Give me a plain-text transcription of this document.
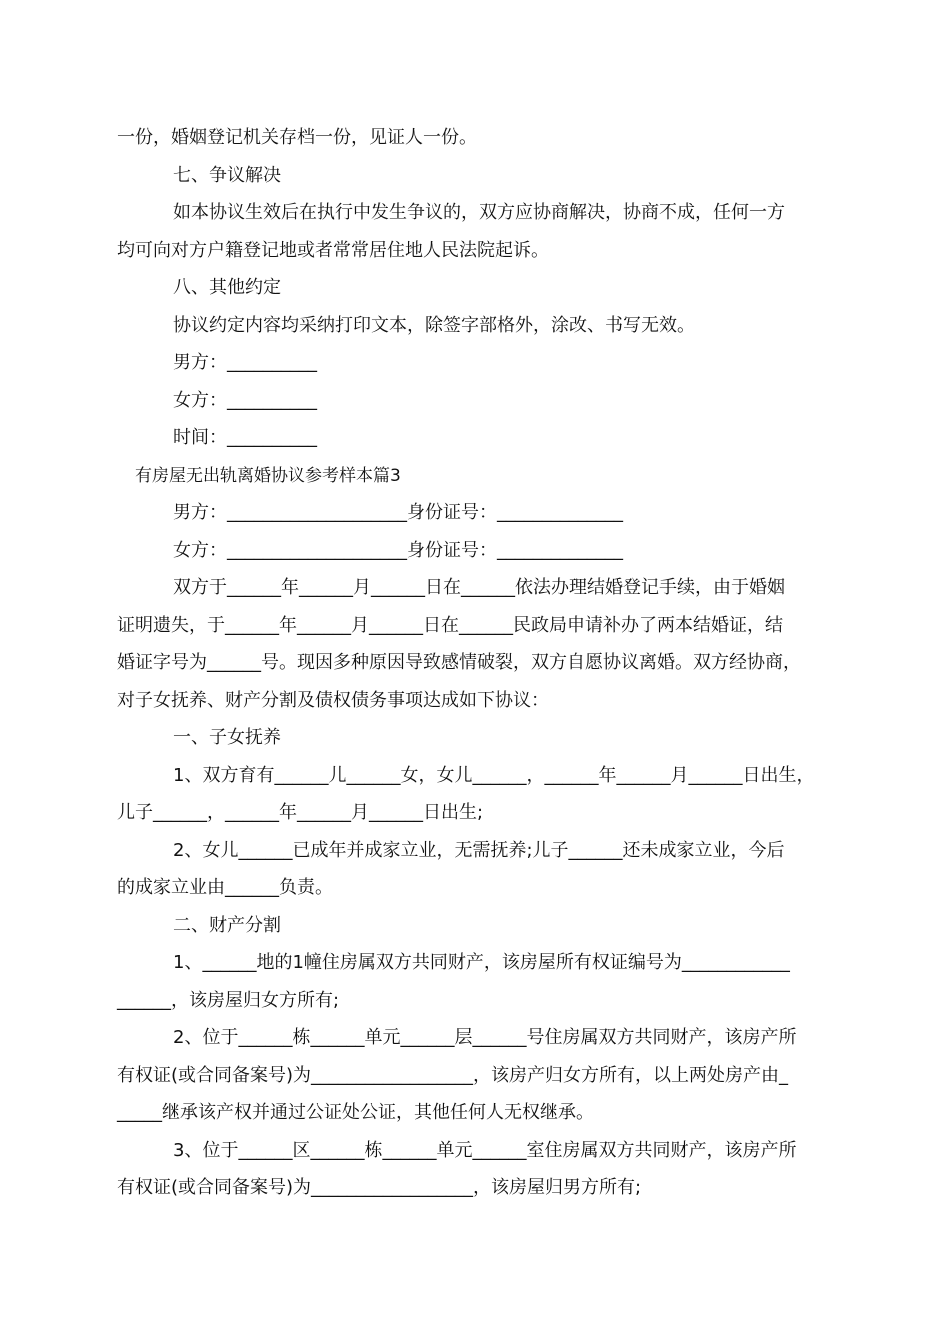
一份，婚姻登记机关存档一份，见证人一份。
七、争议解决
如本协议生效后在执行中发生争议的，双方应协商解决，协商不成，任何一方
均可向对方户籍登记地或者常常居住地人民法院起诉。
八、其他约定
协议约定内容均采纳打印文本，除签字部格外，涂改、书写无效。
男方：__________
女方：__________
时间：__________
有房屋无出轨离婚协议参考样本篇3
男方：____________________身份证号：______________
女方：____________________身份证号：______________
双方于______年______月______日在______依法办理结婚登记手续，由于婚姻
证明遗失，于______年______月______日在______民政局申请补办了两本结婚证，结
婚证字号为______号。现因多种原因导致感情破裂，双方自愿协议离婚。双方经协商，
对子女抚养、财产分割及债权债务事项达成如下协议：
一、子女抚养
1、双方育有______儿______女，女儿______，______年______月______日出生，
儿子______，______年______月______日出生;
2、女儿______已成年并成家立业，无需抚养;儿子______还未成家立业，今后
的成家立业由______负责。
二、财产分割
1、______地的1幢住房属双方共同财产，该房屋所有权证编号为____________
______，该房屋归女方所有;
2、位于______栋______单元______层______号住房属双方共同财产，该房产所
有权证(或合同备案号)为__________________，该房产归女方所有，以上两处房产由_
_____继承该产权并通过公证处公证，其他任何人无权继承。
3、位于______区______栋______单元______室住房属双方共同财产，该房产所
有权证(或合同备案号)为__________________，该房屋归男方所有;
